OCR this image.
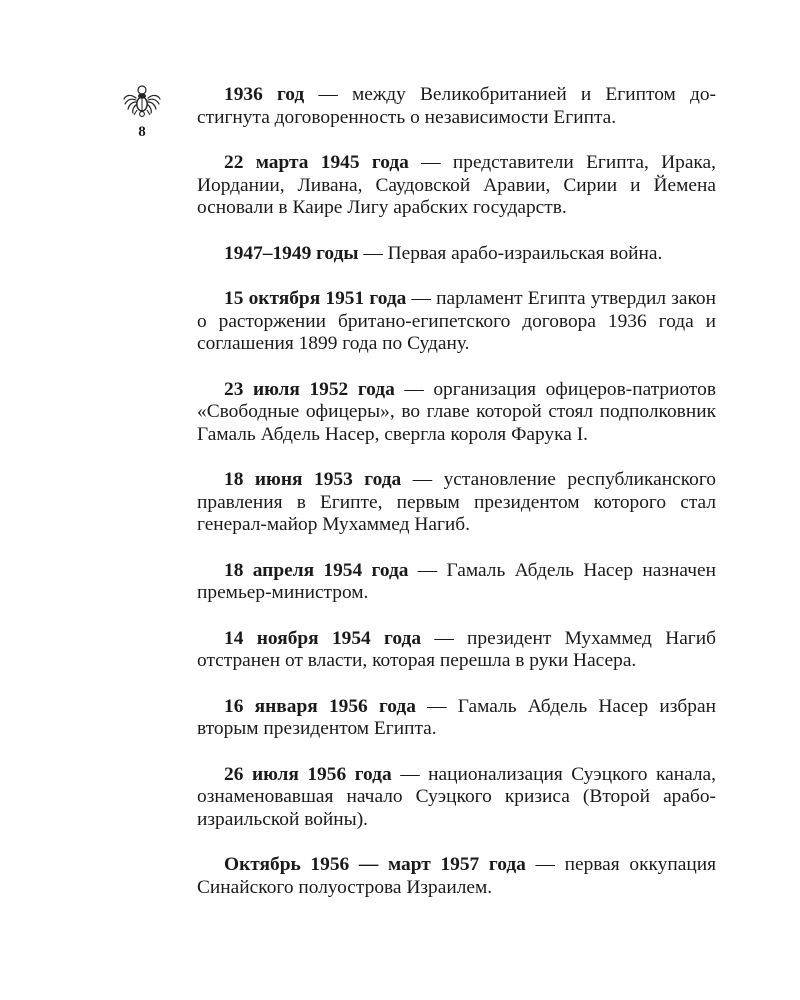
8

1936 год — между Великобританией и Египтом достигнута договоренность о независимости Египта.

22 марта 1945 года — представители Египта, Ирака, Иордании, Ливана, Саудовской Аравии, Сирии и Йемена основали в Каире Лигу арабских государств.

1947–1949 годы — Первая арабо-израильская война.

15 октября 1951 года — парламент Египта утвердил закон о расторжении британо-египетского договора 1936 года и соглашения 1899 года по Судану.

23 июля 1952 года — организация офицеров-патриотов «Свободные офицеры», во главе которой стоял подполковник Гамаль Абдель Насер, свергла короля Фарука I.

18 июня 1953 года — установление республиканского правления в Египте, первым президентом которого стал генерал-майор Мухаммед Нагиб.

18 апреля 1954 года — Гамаль Абдель Насер назначен премьер-министром.

14 ноября 1954 года — президент Мухаммед Нагиб отстранен от власти, которая перешла в руки Насера.

16 января 1956 года — Гамаль Абдель Насер избран вторым президентом Египта.

26 июля 1956 года — национализация Суэцкого канала, ознаменовавшая начало Суэцкого кризиса (Второй арабо-израильской войны).

Октябрь 1956 — март 1957 года — первая оккупация Синайского полуострова Израилем.
